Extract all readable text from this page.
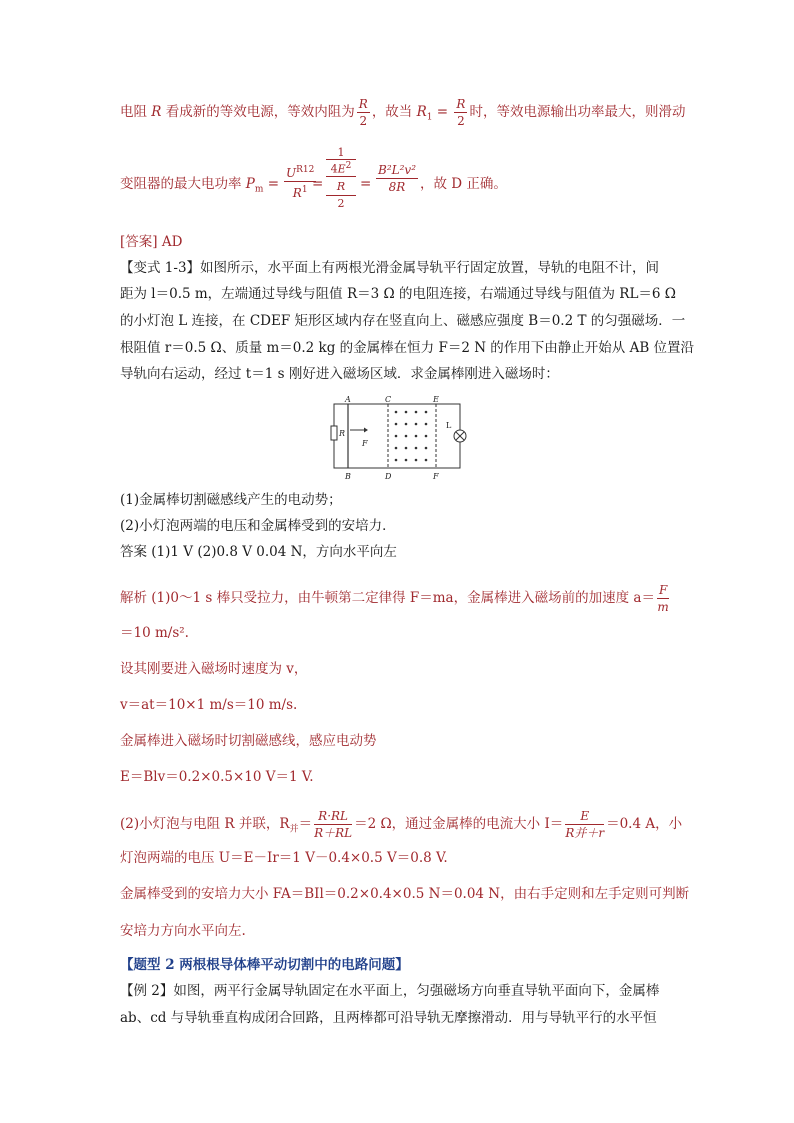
电阻 R 看成新的等效电源，等效内阻为 $\frac{R}{2}$ ，故当 $R_1 = \frac{R}{2}$ 时，等效电源输出功率最大，则滑动
变阻器的最大电功率 $P_m = \frac{U^{R12}}{R^1}$
=
1
$4E^2$
R
2
= $\frac{\text{B²L²v²}}{8R}$ ，故 D 正确。
[答案] AD
【变式 1-3】如图所示，水平面上有两根光滑金属导轨平行固定放置，导轨的电阻不计，间
距为 l＝0.5 m，左端通过导线与阻值 R＝3 Ω 的电阻连接，右端通过导线与阻值为 RL＝6 Ω
的小灯泡 L 连接，在 CDEF 矩形区域内存在竖直向上、磁感应强度 B＝0.2 T 的匀强磁场．一
根阻值 r＝0.5 Ω、质量 m＝0.2 kg 的金属棒在恒力 F＝2 N 的作用下由静止开始从 AB 位置沿
导轨向右运动，经过 t＝1 s 刚好进入磁场区域．求金属棒刚进入磁场时：
A
B
C
D
E
F
R
F
L
(1)金属棒切割磁感线产生的电动势；
(2)小灯泡两端的电压和金属棒受到的安培力．
答案 (1)1 V (2)0.8 V 0.04 N，方向水平向左
解析 (1)0～1 s 棒只受拉力，由牛顿第二定律得 F＝ma，金属棒进入磁场前的加速度 $a= \frac{F}{m}$
＝10 m/s².
设其刚要进入磁场时速度为 v，
v＝at＝10×1 m/s＝10 m/s.
金属棒进入磁场时切割磁感线，感应电动势
E＝Blv＝0.2×0.5×10 V＝1 V.
(2)小灯泡与电阻 R 并联，$R_并= \frac{R\cdot RL}{R+RL} =2$ Ω，通过金属棒的电流大小 $I= \frac{E}{\text{R并＋r}} =0.4$ A，小
灯泡两端的电压 U＝E－Ir＝1 V－0.4×0.5 V＝0.8 V.
金属棒受到的安培力大小 FA＝BIl＝0.2×0.4×0.5 N＝0.04 N，由右手定则和左手定则可判断
安培力方向水平向左.
【题型 2 两根根导体棒平动切割中的电路问题】
【例 2】如图，两平行金属导轨固定在水平面上，匀强磁场方向垂直导轨平面向下，金属棒
ab、cd 与导轨垂直构成闭合回路，且两棒都可沿导轨无摩擦滑动．用与导轨平行的水平恒
